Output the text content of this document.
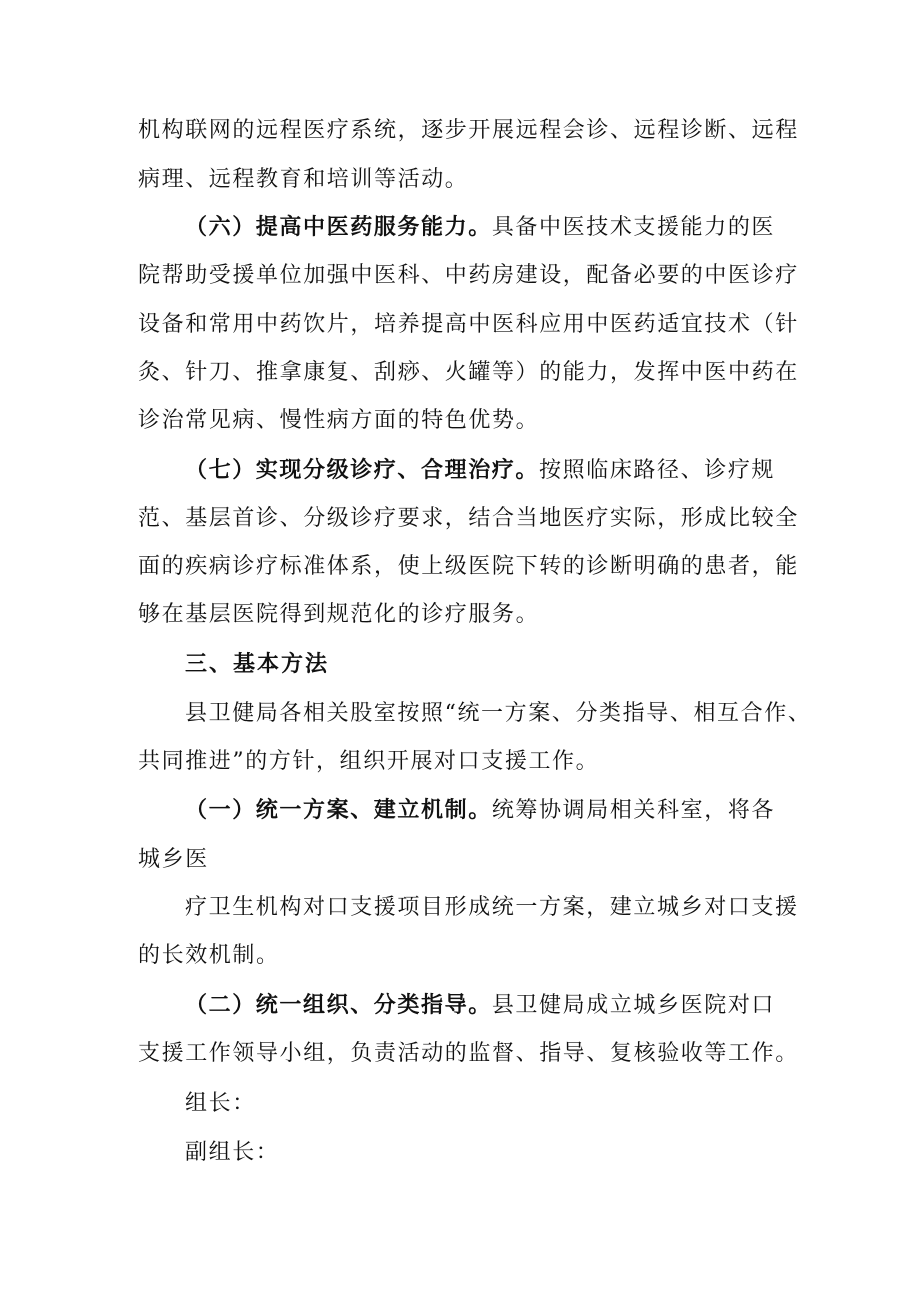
机构联网的远程医疗系统，逐步开展远程会诊、远程诊断、远程
病理、远程教育和培训等活动。
（六）提高中医药服务能力。具备中医技术支援能力的医
院帮助受援单位加强中医科、中药房建设，配备必要的中医诊疗
设备和常用中药饮片，培养提高中医科应用中医药适宜技术（针
灸、针刀、推拿康复、刮痧、火罐等）的能力，发挥中医中药在
诊治常见病、慢性病方面的特色优势。
（七）实现分级诊疗、合理治疗。按照临床路径、诊疗规
范、基层首诊、分级诊疗要求，结合当地医疗实际，形成比较全
面的疾病诊疗标准体系，使上级医院下转的诊断明确的患者，能
够在基层医院得到规范化的诊疗服务。
三、基本方法
县卫健局各相关股室按照“统一方案、分类指导、相互合作、
共同推进”的方针，组织开展对口支援工作。
（一）统一方案、建立机制。统筹协调局相关科室，将各
城乡医
疗卫生机构对口支援项目形成统一方案，建立城乡对口支援
的长效机制。
（二）统一组织、分类指导。县卫健局成立城乡医院对口
支援工作领导小组，负责活动的监督、指导、复核验收等工作。
组长：
副组长：
